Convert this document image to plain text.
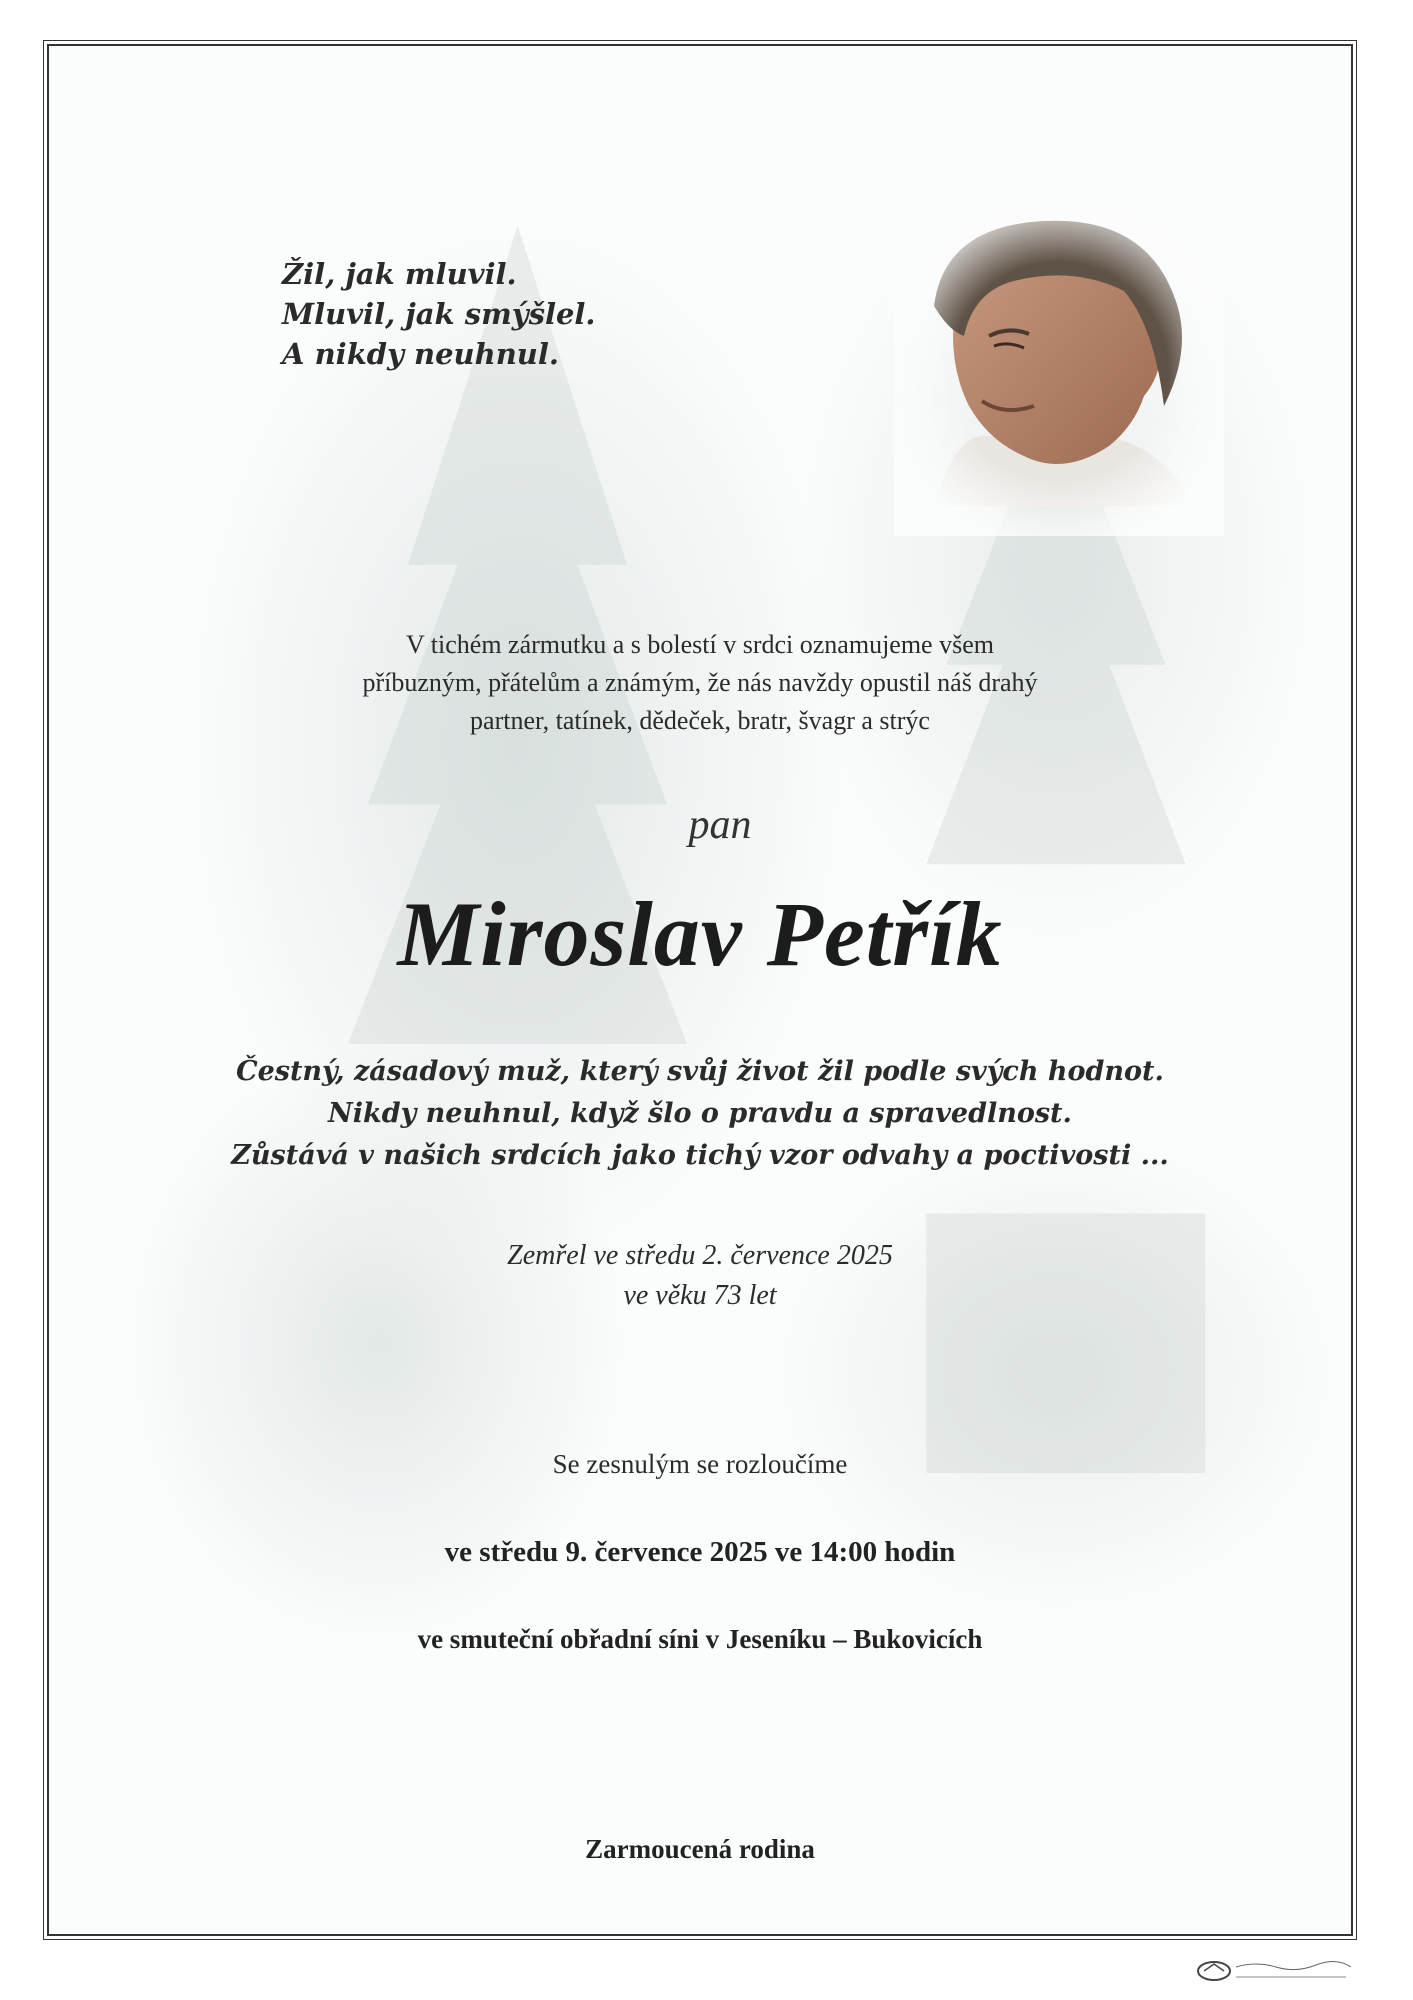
Žil, jak mluvil.
Mluvil, jak smýšlel.
A nikdy neuhnul.
V tichém zármutku a s bolestí v srdci oznamujeme všem
příbuzným, přátelům a známým, že nás navždy opustil náš drahý
partner, tatínek, dědeček, bratr, švagr a strýc
pan
Miroslav Petřík
Čestný, zásadový muž, který svůj život žil podle svých hodnot.
Nikdy neuhnul, když šlo o pravdu a spravedlnost.
Zůstává v našich srdcích jako tichý vzor odvahy a poctivosti ...
Zemřel ve středu 2. července 2025
ve věku 73 let
Se zesnulým se rozloučíme
ve středu 9. července 2025 ve 14:00 hodin
ve smuteční obřadní síni v Jeseníku – Bukovicích
Zarmoucená rodina
